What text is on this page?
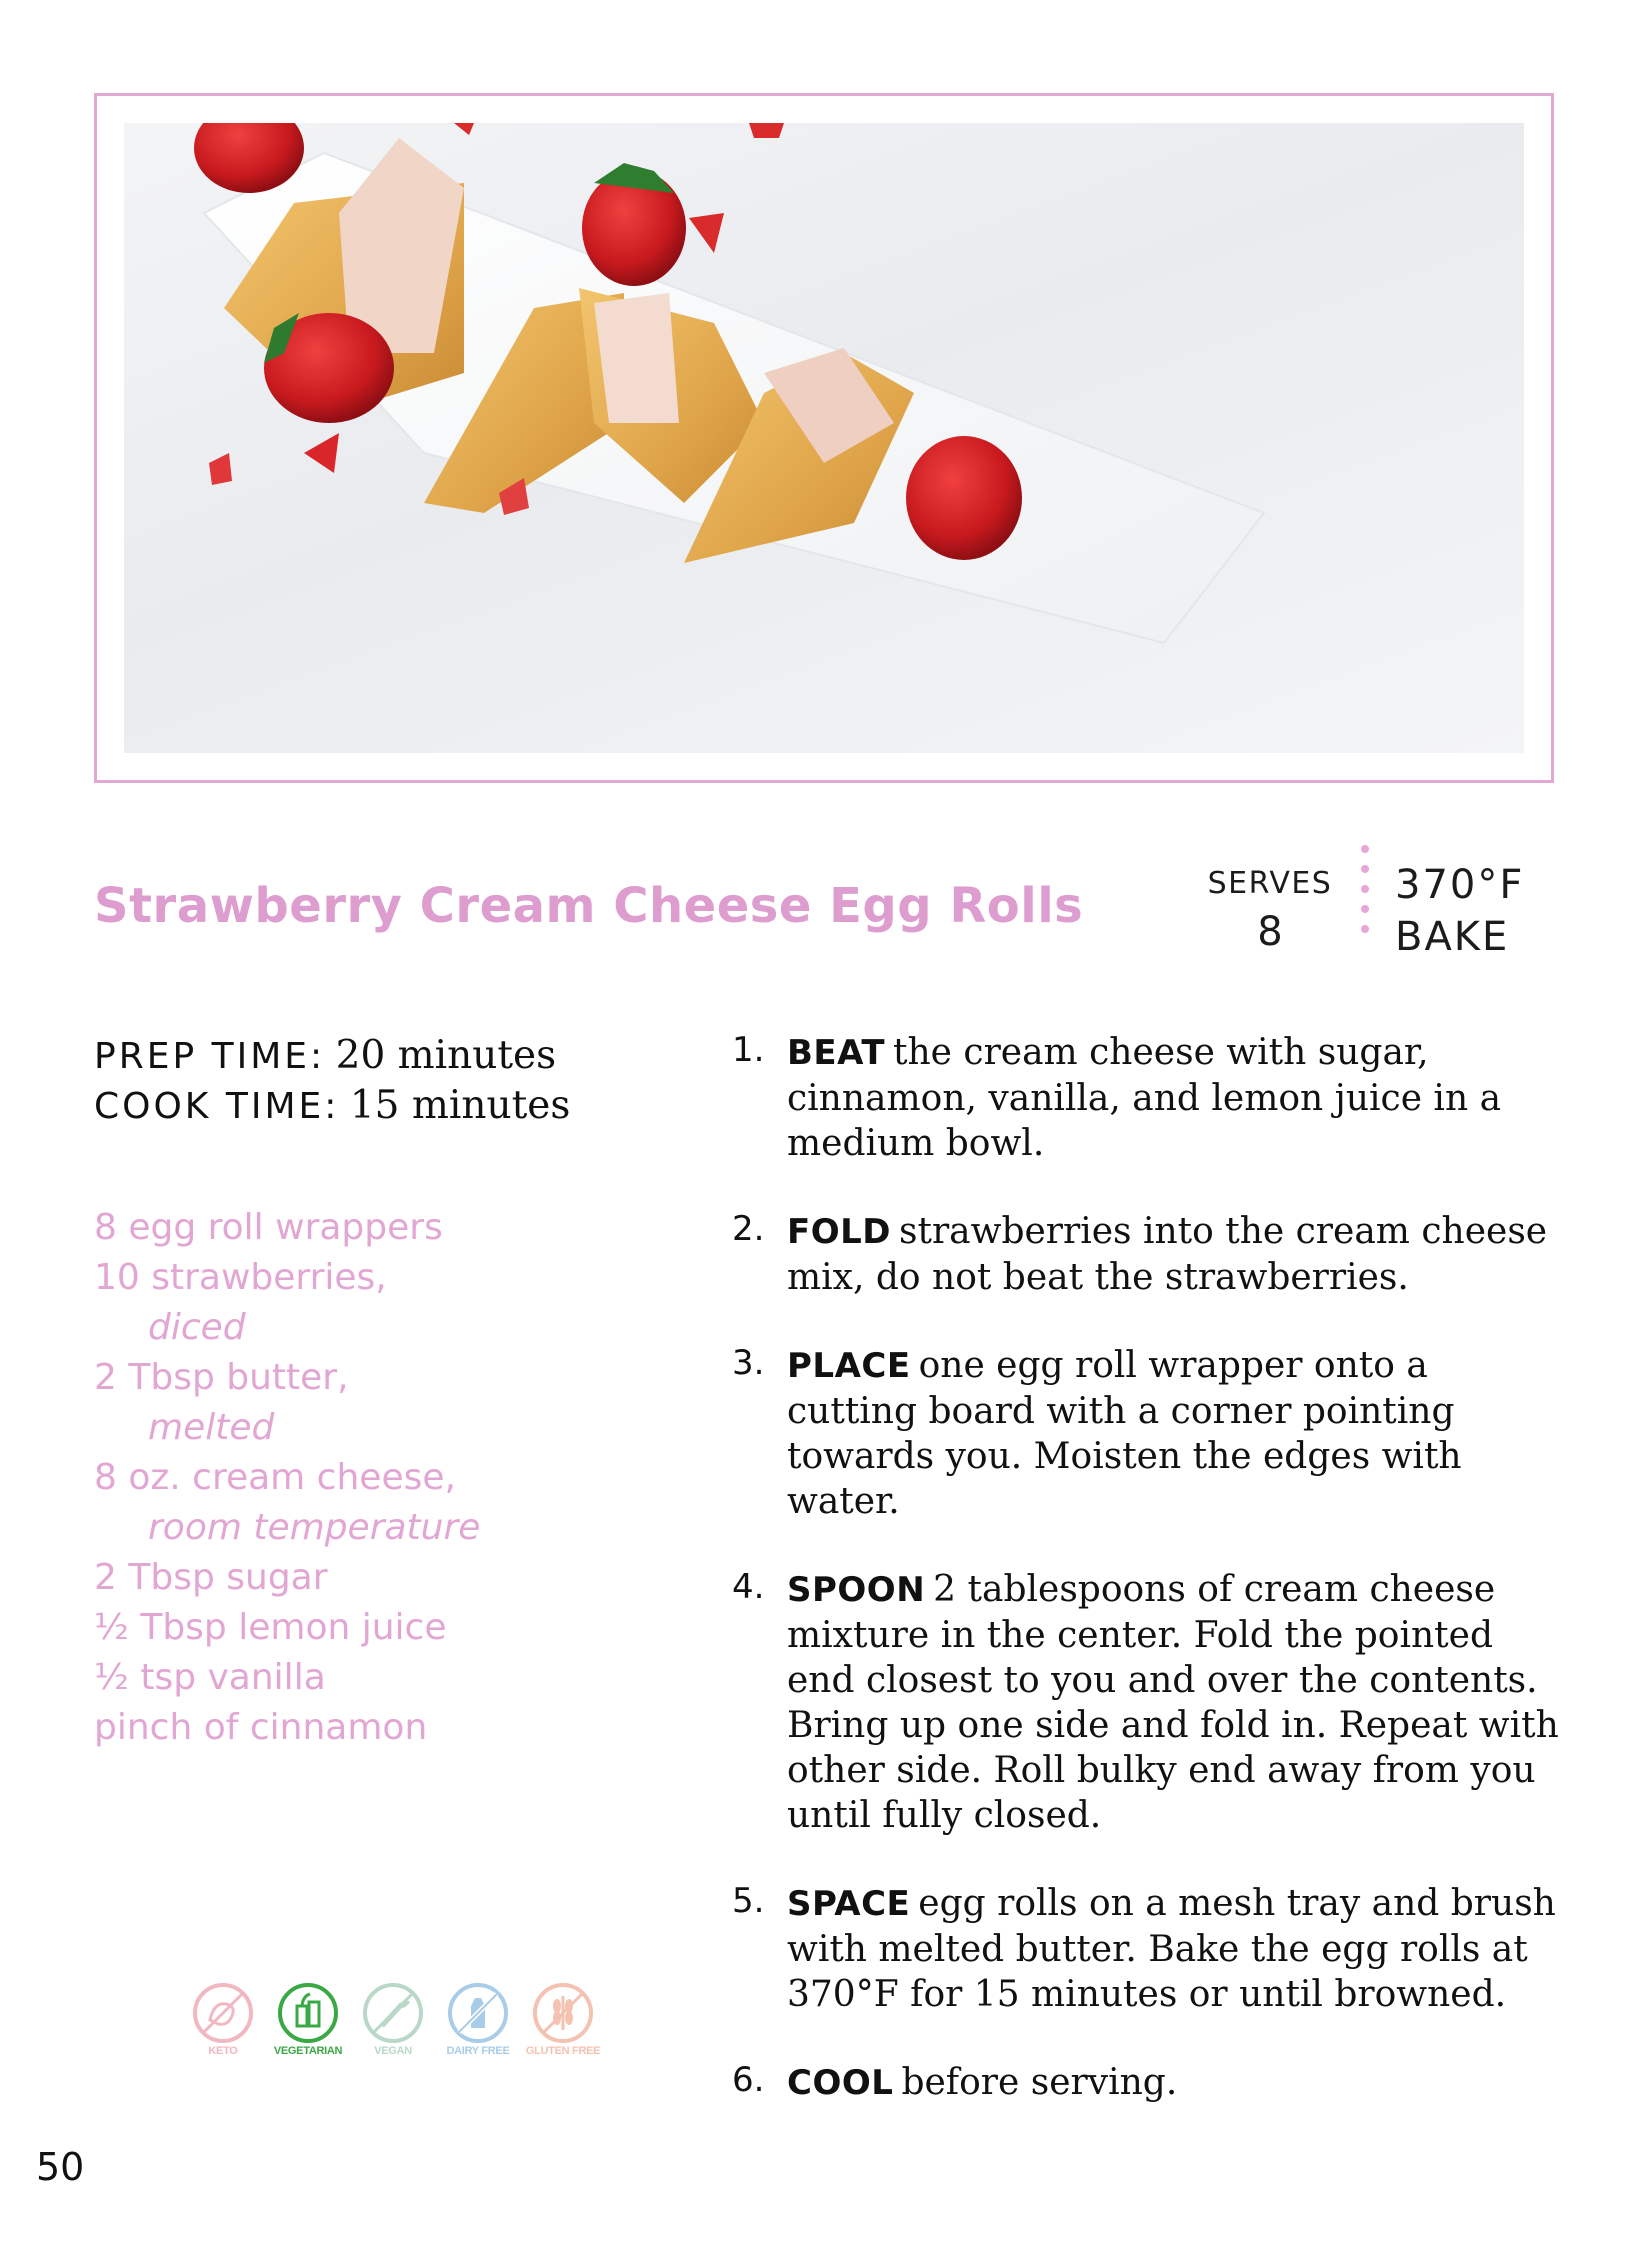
Strawberry Cream Cheese Egg Rolls	SERVES
8
370°F
BAKE
PREP TIME: 20 minutes
COOK TIME: 15 minutes
8 egg roll wrappers
10 strawberries,
diced
2 Tbsp butter,
melted
8 oz. cream cheese,
room temperature
2 Tbsp sugar
½ Tbsp lemon juice
½ tsp vanilla
pinch of cinnamon
KETO	VEGETARIAN	VEGAN	DAIRY FREE	GLUTEN FREE
1. BEAT the cream cheese with sugar, cinnamon, vanilla, and lemon juice in a medium bowl.
2. FOLD strawberries into the cream cheese mix, do not beat the strawberries.
3. PLACE one egg roll wrapper onto a cutting board with a corner pointing towards you. Moisten the edges with water.
4. SPOON 2 tablespoons of cream cheese mixture in the center. Fold the pointed end closest to you and over the contents. Bring up one side and fold in. Repeat with other side. Roll bulky end away from you until fully closed.
5. SPACE egg rolls on a mesh tray and brush with melted butter. Bake the egg rolls at 370°F for 15 minutes or until browned.
6. COOL before serving.
50
